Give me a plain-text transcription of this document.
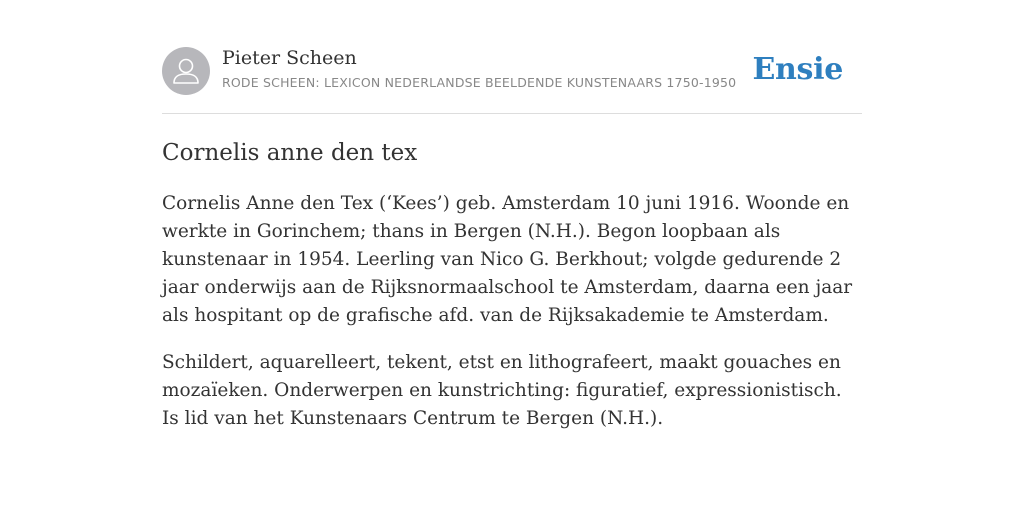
Pieter Scheen
RODE SCHEEN: LEXICON NEDERLANDSE BEELDENDE KUNSTENAARS 1750-1950 Ensie
Cornelis anne den tex

Cornelis Anne den Tex (‘Kees’) geb. Amsterdam 10 juni 1916. Woonde en werkte in Gorinchem; thans in Bergen (N.H.). Begon loopbaan als kunstenaar in 1954. Leerling van Nico G. Berkhout; volgde gedurende 2 jaar onderwijs aan de Rijksnormaalschool te Amsterdam, daarna een jaar als hospitant op de grafische afd. van de Rijksakademie te Amsterdam.

Schildert, aquarelleert, tekent, etst en lithografeert, maakt gouaches en mozaïeken. Onderwerpen en kunstrichting: figuratief, expressionistisch. Is lid van het Kunstenaars Centrum te Bergen (N.H.).
